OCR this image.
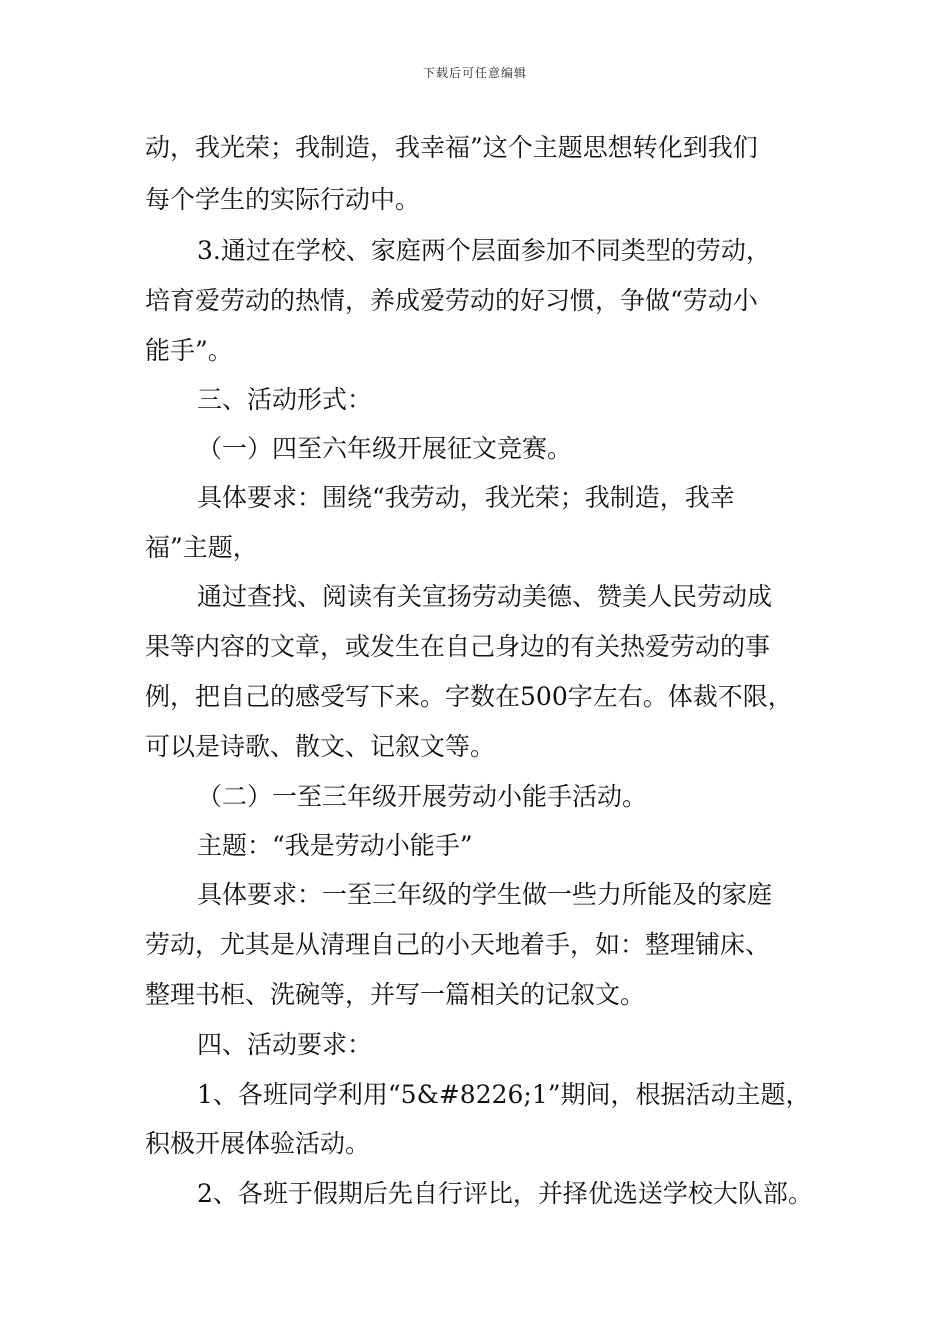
下载后可任意编辑
动，我光荣；我制造，我幸福”这个主题思想转化到我们
每个学生的实际行动中。
3.通过在学校、家庭两个层面参加不同类型的劳动，
培育爱劳动的热情，养成爱劳动的好习惯，争做“劳动小
能手”。
三、活动形式：
（一）四至六年级开展征文竞赛。
具体要求：围绕“我劳动，我光荣；我制造，我幸
福”主题，
通过查找、阅读有关宣扬劳动美德、赞美人民劳动成
果等内容的文章，或发生在自己身边的有关热爱劳动的事
例，把自己的感受写下来。字数在500字左右。体裁不限，
可以是诗歌、散文、记叙文等。
（二）一至三年级开展劳动小能手活动。
主题：“我是劳动小能手”
具体要求：一至三年级的学生做一些力所能及的家庭
劳动，尤其是从清理自己的小天地着手，如：整理铺床、
整理书柜、洗碗等，并写一篇相关的记叙文。
四、活动要求：
1、各班同学利用“5&#8226;1”期间，根据活动主题，
积极开展体验活动。
2、各班于假期后先自行评比，并择优选送学校大队部。
